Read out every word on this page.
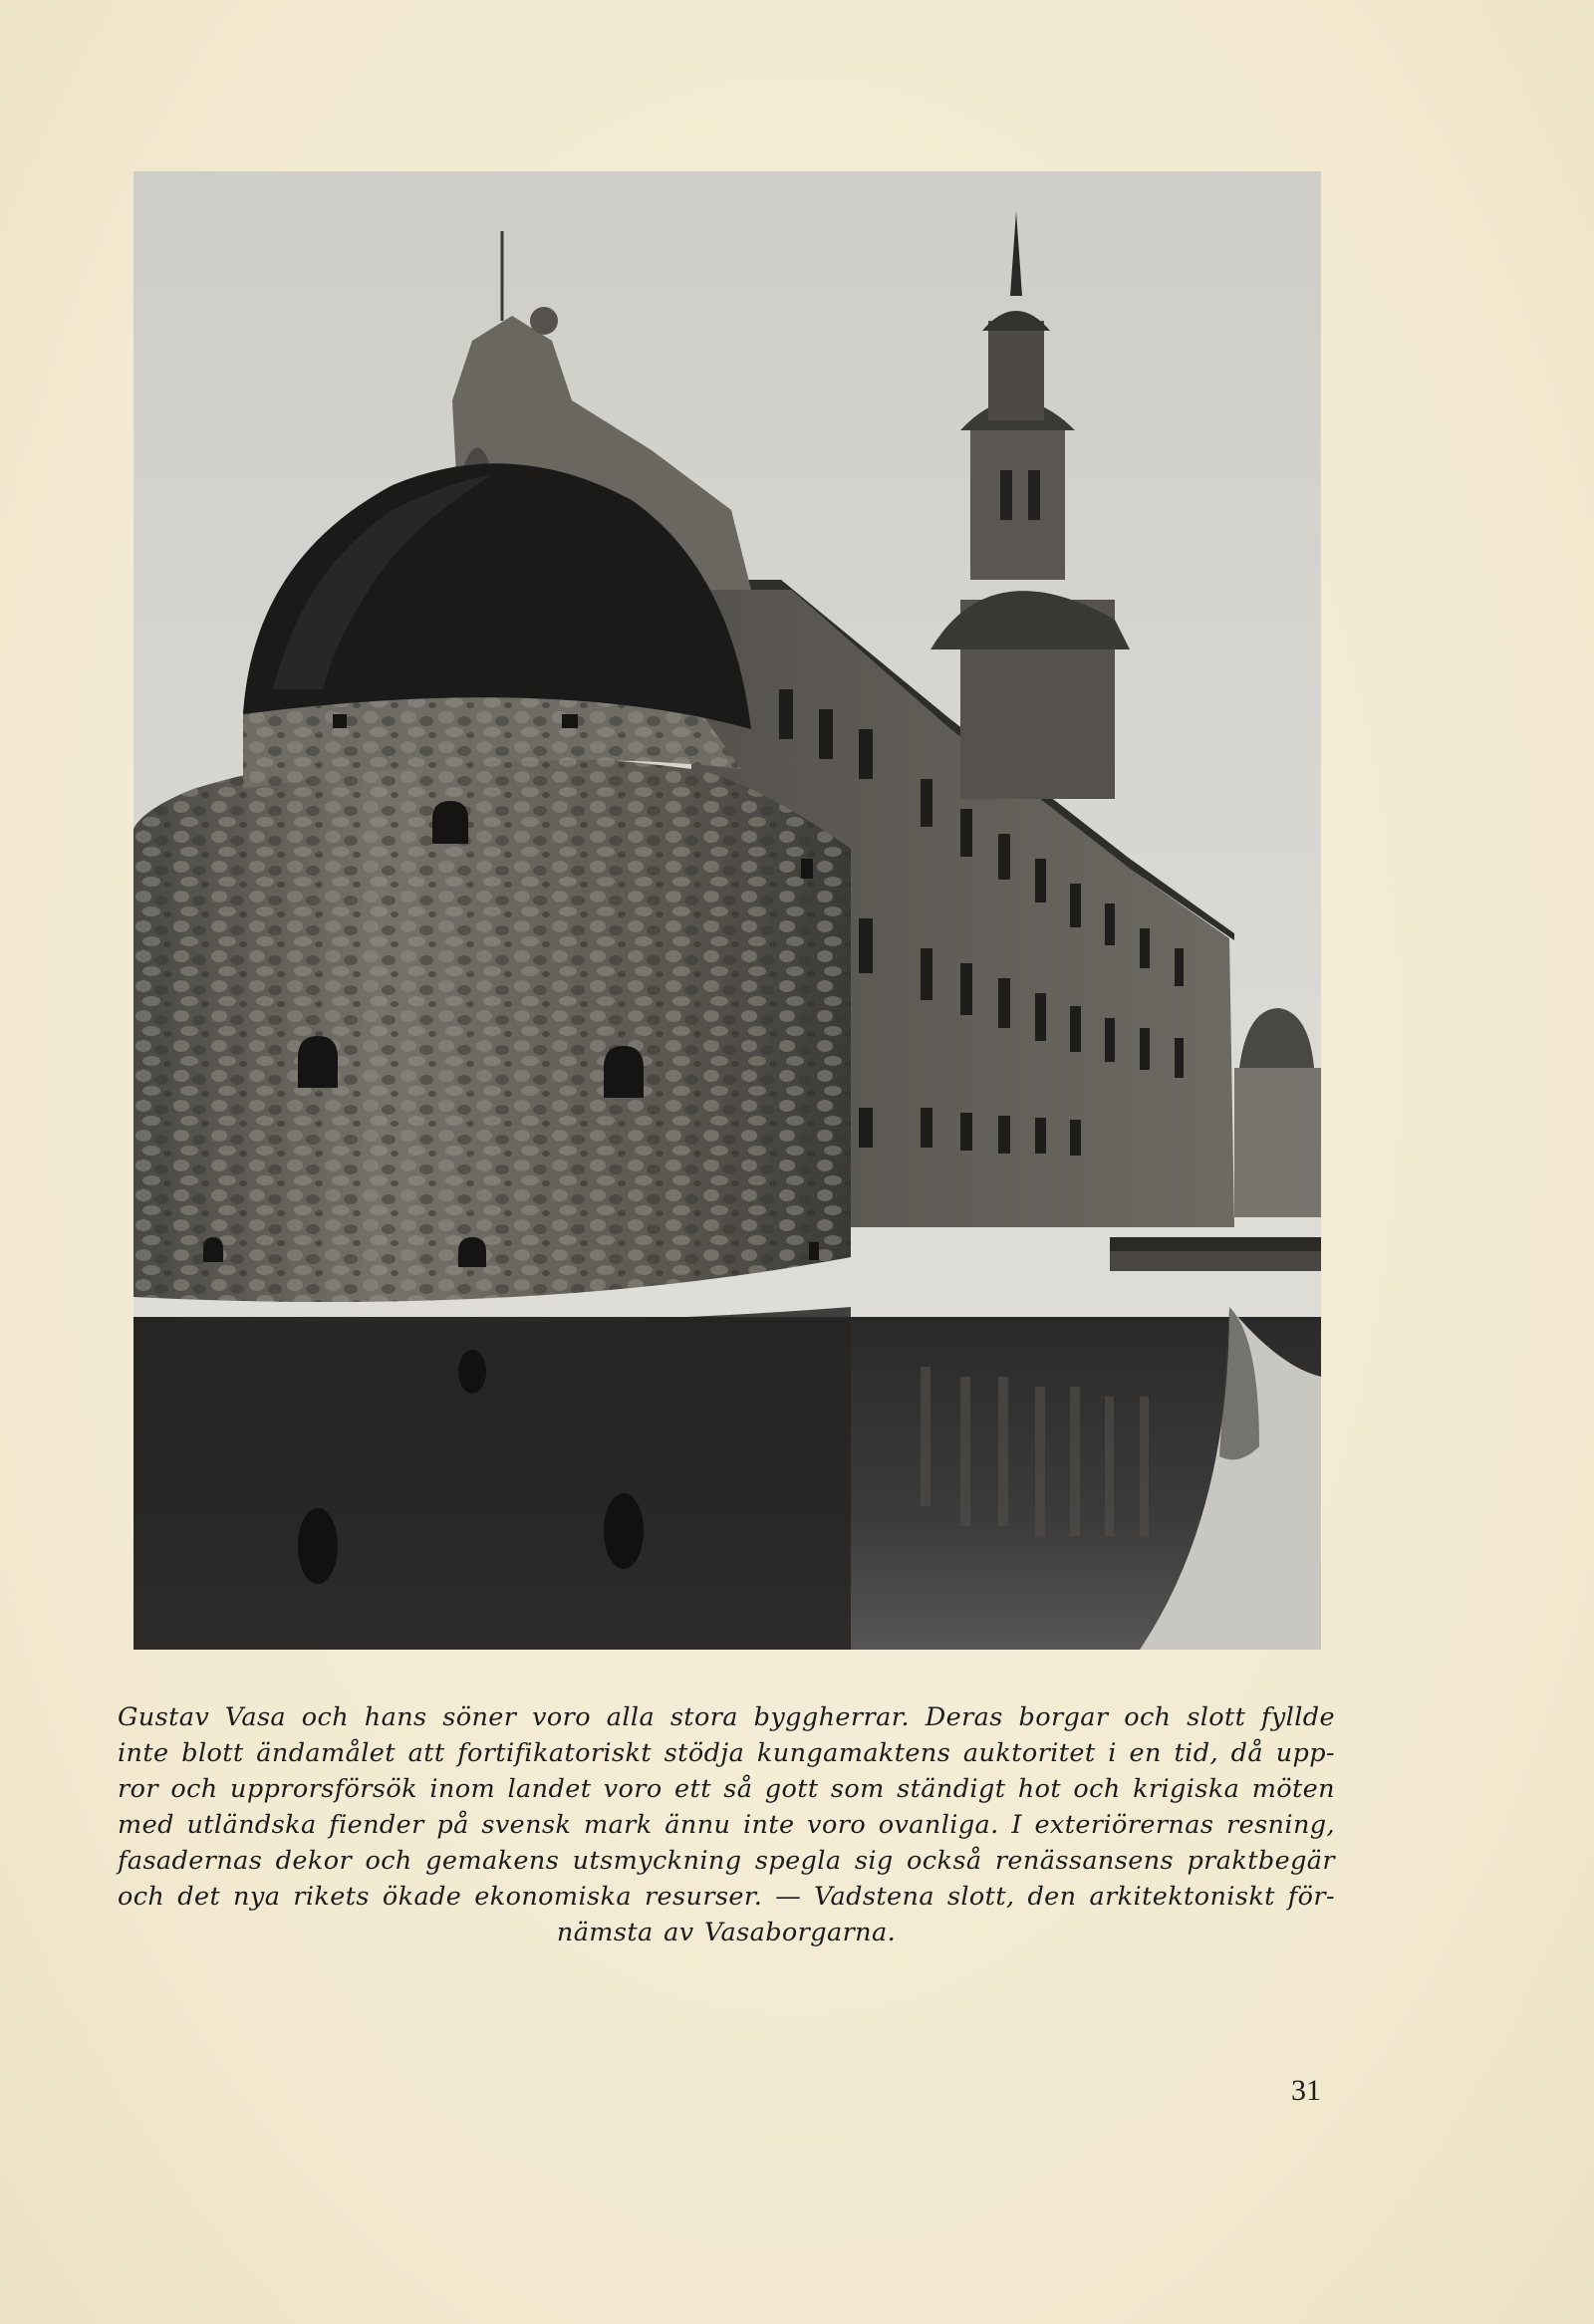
Gustav Vasa och hans söner voro alla stora byggherrar. Deras borgar och slott fyllde
inte blott ändamålet att fortifikatoriskt stödja kungamaktens auktoritet i en tid, då upp-
ror och upprorsförsök inom landet voro ett så gott som ständigt hot och krigiska möten
med utländska fiender på svensk mark ännu inte voro ovanliga. I exteriörernas resning,
fasadernas dekor och gemakens utsmyckning spegla sig också renässansens praktbegär
och det nya rikets ökade ekonomiska resurser. — Vadstena slott, den arkitektoniskt för-
nämsta av Vasaborgarna.
31
